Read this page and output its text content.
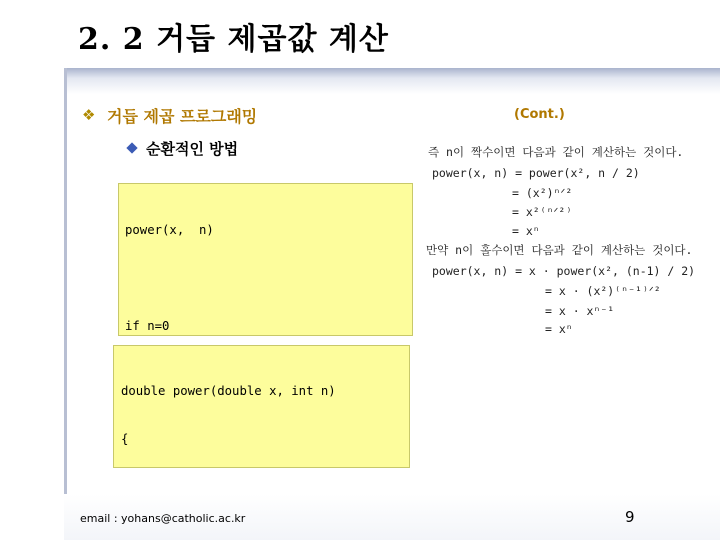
2. 2 거듭 제곱값 계산
❖ 거듭 제곱 프로그래밍	(Cont.)
순환적인 방법

power(x,  n)

if n=0

double power(double x, int n)

{

즉 n이 짝수이면 다음과 같이 계산하는 것이다.
power(x, n) = power(x², n / 2)
= (x²)ⁿᐟ²
= x²⁽ⁿᐟ²⁾
= xⁿ
만약 n이 홀수이면 다음과 같이 계산하는 것이다.
power(x, n) = x · power(x², (n-1) / 2)
= x · (x²)⁽ⁿ⁻¹⁾ᐟ²
= x · xⁿ⁻¹
= xⁿ
email : yohans@catholic.ac.kr	9
